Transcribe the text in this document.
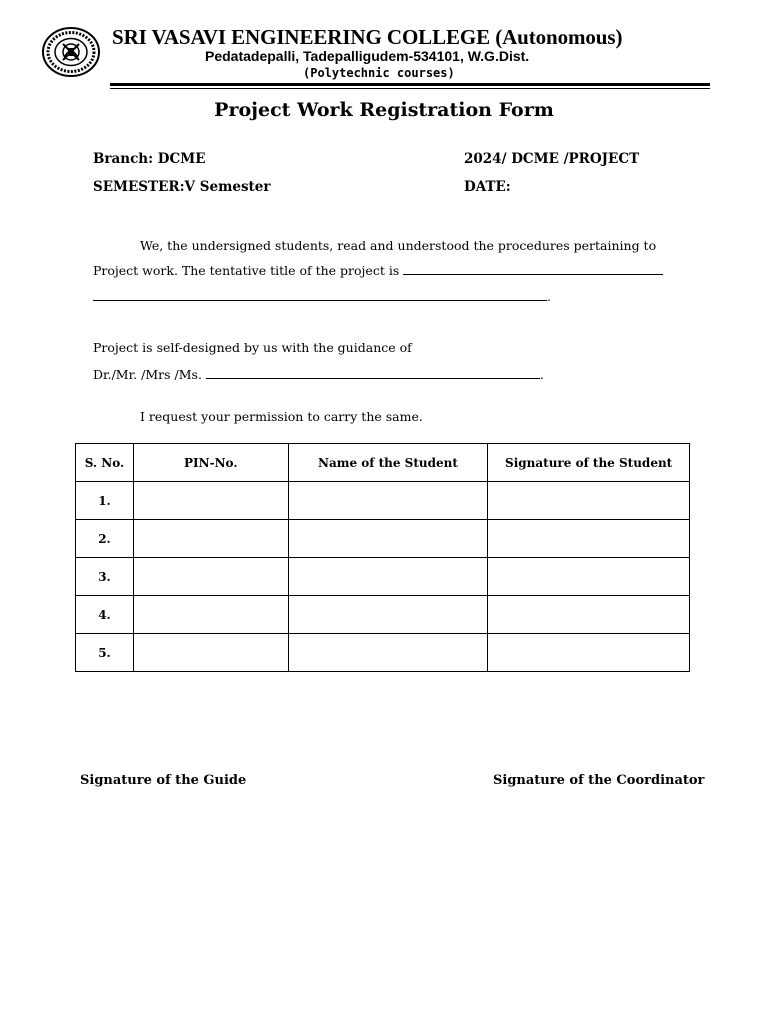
SRI VASAVI ENGINEERING COLLEGE (Autonomous)
Pedatadepalli, Tadepalligudem-534101, W.G.Dist.
(Polytechnic courses)
Project Work Registration Form
Branch: DCME	2024/ DCME /PROJECT
SEMESTER:V Semester	DATE:
We, the undersigned students, read and understood the procedures pertaining to
Project work. The tentative title of the project is
.
Project is self-designed by us with the guidance of
Dr./Mr. /Mrs /Ms.	.
I request your permission to carry the same.
S. No.	PIN-No.	Name of the Student	Signature of the Student
1.			
2.			
3.			
4.			
5.			
Signature of the Guide	Signature of the Coordinator
